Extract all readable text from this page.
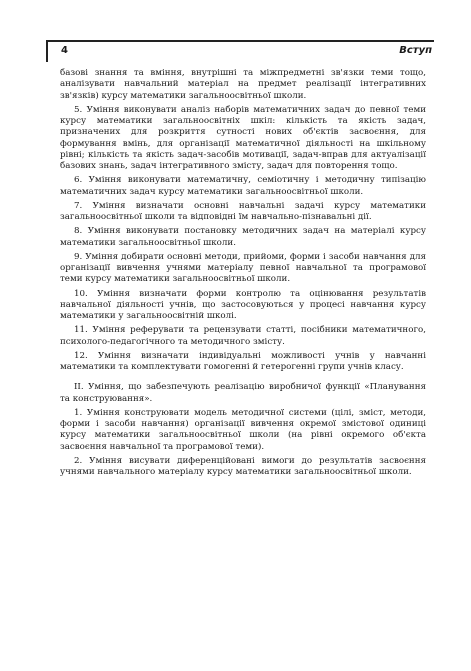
4	Вступ

базові знання та вміння, внутрішні та міжпредметні зв'язки теми тощо, аналізувати навчальний матеріал на предмет реалізації інтегративних зв'язків) курсу математики загальноосвітньої школи.

5. Уміння виконувати аналіз наборів математичних задач до певної теми курсу математики загальноосвітніх шкіл: кількість та якість задач, призначених для розкриття сутності нових об'єктів засвоєння, для формування вмінь, для організації математичної діяльності на шкільному рівні; кількість та якість задач-засобів мотивації, задач-вправ для актуалізації базових знань, задач інтегративного змісту, задач для повторення тощо.

6. Уміння виконувати математичну, семіотичну і методичну типізацію математичних задач курсу математики загальноосвітньої школи.

7. Уміння визначати основні навчальні задачі курсу математики загальноосвітньої школи та відповідні їм навчально-пізнавальні дії.

8. Уміння виконувати постановку методичних задач на матеріалі курсу математики загальноосвітньої школи.

9. Уміння добирати основні методи, прийоми, форми і засоби навчання для організації вивчення учнями матеріалу певної навчальної та програмової теми курсу математики загальноосвітньої школи.

10. Уміння визначати форми контролю та оцінювання результатів навчальної діяльності учнів, що застосовуються у процесі навчання курсу математики у загальноосвітній школі.

11. Уміння реферувати та рецензувати статті, посібники математичного, психолого-педагогічного та методичного змісту.

12. Уміння визначати індивідуальні можливості учнів у навчанні математики та комплектувати гомогенні й гетерогенні групи учнів класу.

II. Уміння, що забезпечують реалізацію виробничої функції «Планування та конструювання».

1. Уміння конструювати модель методичної системи (цілі, зміст, методи, форми і засоби навчання) організації вивчення окремої змістової одиниці курсу математики загальноосвітньої школи (на рівні окремого об'єкта засвоєння навчальної та програмової теми).

2. Уміння висувати диференційовані вимоги до результатів засвоєння учнями навчального матеріалу курсу математики загальноосвітньої школи.
